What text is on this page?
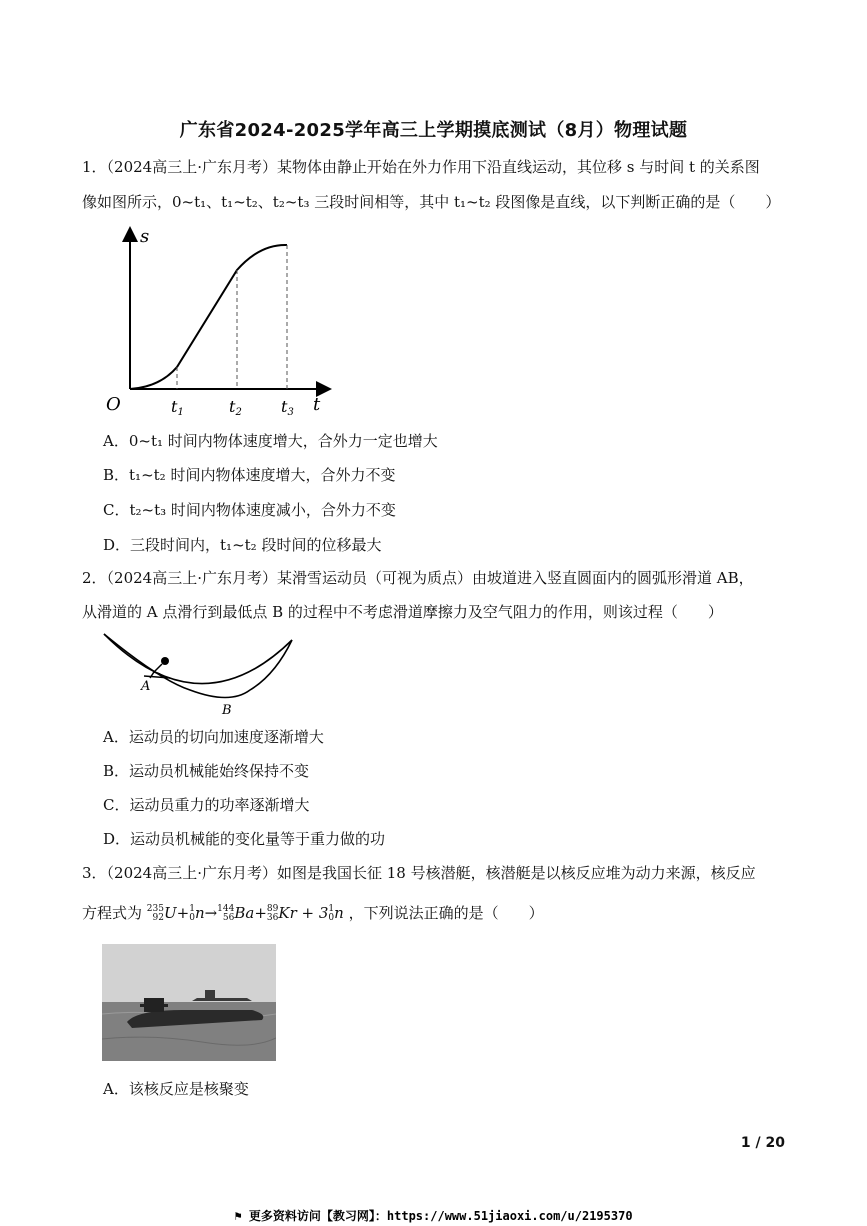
广东省2024-2025学年高三上学期摸底测试（8月）物理试题
1．（2024高三上·广东月考）某物体由静止开始在外力作用下沿直线运动，其位移 s 与时间 t 的关系图
像如图所示，0~t₁、t₁~t₂、t₂~t₃ 三段时间相等，其中 t₁~t₂ 段图像是直线，以下判断正确的是（　　）
s
t
O	t1	t2 t3
A．0~t₁ 时间内物体速度增大，合外力一定也增大
B．t₁~t₂ 时间内物体速度增大，合外力不变
C．t₂~t₃ 时间内物体速度减小，合外力不变
D．三段时间内，t₁~t₂ 段时间的位移最大
2．（2024高三上·广东月考）某滑雪运动员（可视为质点）由坡道进入竖直圆面内的圆弧形滑道 AB，
从滑道的 A 点滑行到最低点 B 的过程中不考虑滑道摩擦力及空气阻力的作用，则该过程（　　）
A
B
A．运动员的切向加速度逐渐增大
B．运动员机械能始终保持不变
C．运动员重力的功率逐渐增大
D．运动员机械能的变化量等于重力做的功
3．（2024高三上·广东月考）如图是我国长征 18 号核潜艇，核潜艇是以核反应堆为动力来源，核反应
方程式为 235
92U+1
0n→144
56Ba+89
36Kr + 31
0n ，下列说法正确的是（　　）
A．该核反应是核聚变
1 / 20
⚑ 更多资料访问【教习网】：https://www.51jiaoxi.com/u/2195370
